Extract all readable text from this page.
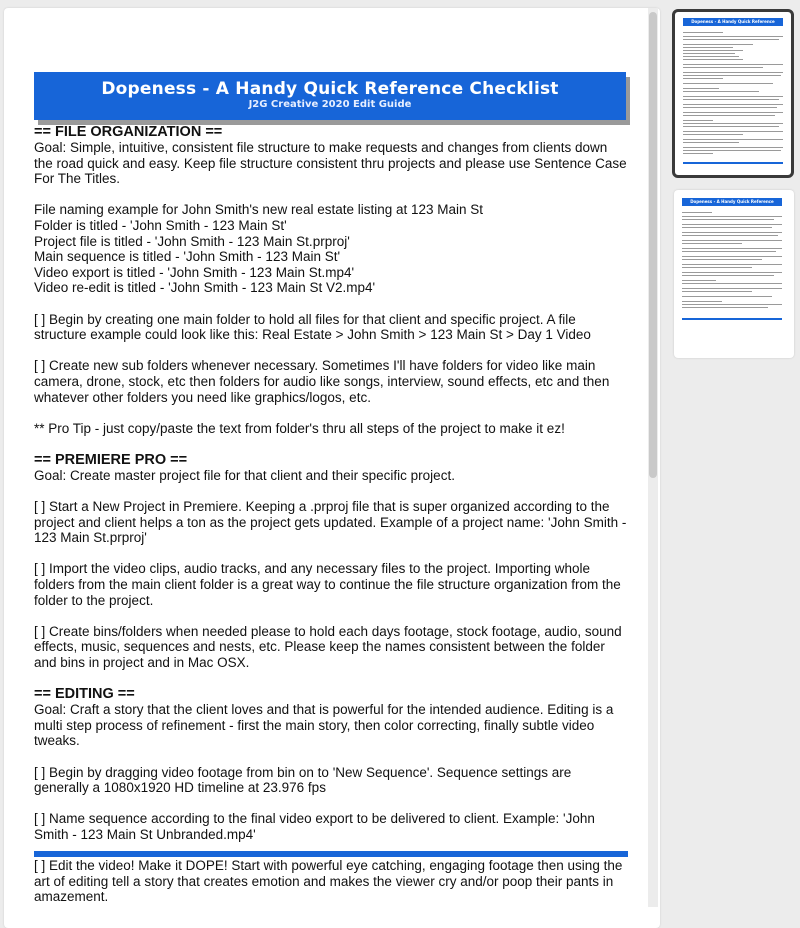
Dopeness - A Handy Quick Reference Checklist
J2G Creative 2020 Edit Guide
== FILE ORGANIZATION ==

Goal: Simple, intuitive, consistent file structure to make requests and changes from clients down the road quick and easy. Keep file structure consistent thru projects and please use Sentence Case For The Titles.

File naming example for John Smith's new real estate listing at 123 Main St
Folder is titled - 'John Smith - 123 Main St'
Project file is titled - 'John Smith - 123 Main St.prproj'
Main sequence is titled - 'John Smith - 123 Main St'
Video export is titled - 'John Smith - 123 Main St.mp4'

Video re-edit is titled - 'John Smith - 123 Main St V2.mp4'

[ ] Begin by creating one main folder to hold all files for that client and specific project. A file structure example could look like this: Real Estate > John Smith > 123 Main St > Day 1 Video

[ ] Create new sub folders whenever necessary. Sometimes I'll have folders for video like main camera, drone, stock, etc then folders for audio like songs, interview, sound effects, etc and then whatever other folders you need like graphics/logos, etc.

** Pro Tip - just copy/paste the text from folder's thru all steps of the project to make it ez!

== PREMIERE PRO ==

Goal: Create master project file for that client and their specific project.

[ ] Start a New Project in Premiere. Keeping a .prproj file that is super organized according to the project and client helps a ton as the project gets updated. Example of a project name: 'John Smith - 123 Main St.prproj'

[ ] Import the video clips, audio tracks, and any necessary files to the project. Importing whole folders from the main client folder is a great way to continue the file structure organization from the folder to the project.

[ ] Create bins/folders when needed please to hold each days footage, stock footage, audio, sound effects, music, sequences and nests, etc. Please keep the names consistent between the folder and bins in project and in Mac OSX.

== EDITING ==

Goal: Craft a story that the client loves and that is powerful for the intended audience. Editing is a multi step process of refinement - first the main story, then color correcting, finally subtle video tweaks.

[ ] Begin by dragging video footage from bin on to 'New Sequence'. Sequence settings are generally a 1080x1920 HD timeline at 23.976 fps

[ ] Name sequence according to the final video export to be delivered to client. Example: 'John Smith - 123 Main St Unbranded.mp4'

[ ] Edit the video! Make it DOPE! Start with powerful eye catching, engaging footage then using the art of editing tell a story that creates emotion and makes the viewer cry and/or poop their pants in amazement.
Dopeness - A Handy Quick Reference Checklist
Dopeness - A Handy Quick Reference Checklist
